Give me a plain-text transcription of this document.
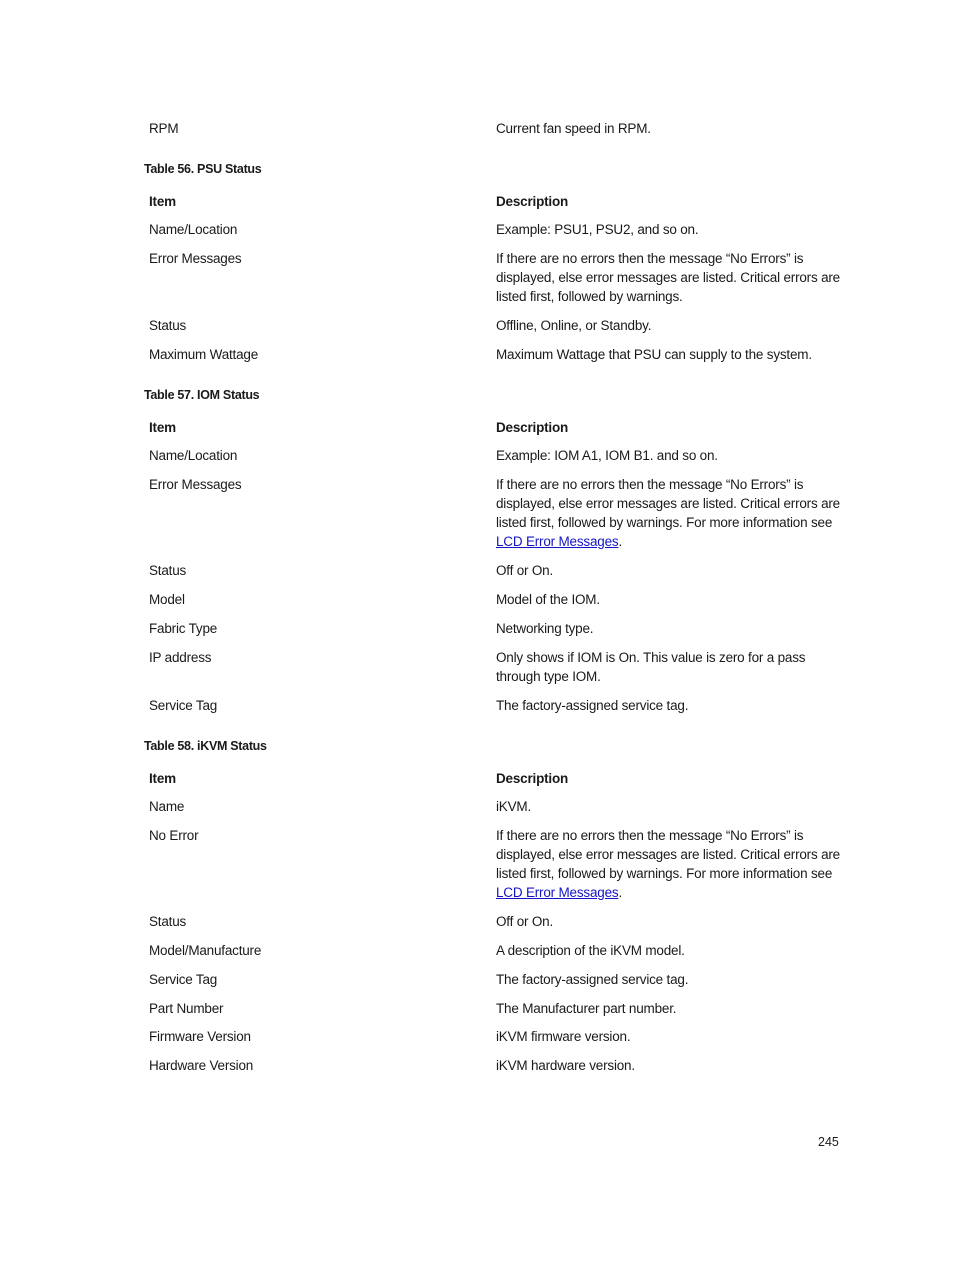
RPM	Current fan speed in RPM.
Table 56. PSU Status
Item	Description
Name/Location	Example: PSU1, PSU2, and so on.
Error Messages	If there are no errors then the message “No Errors” is displayed, else error messages are listed. Critical errors are listed first, followed by warnings.
Status	Offline, Online, or Standby.
Maximum Wattage	Maximum Wattage that PSU can supply to the system.
Table 57. IOM Status
Item	Description
Name/Location	Example: IOM A1, IOM B1. and so on.
Error Messages	If there are no errors then the message “No Errors” is displayed, else error messages are listed. Critical errors are listed first, followed by warnings. For more information see LCD Error Messages.
Status	Off or On.
Model	Model of the IOM.
Fabric Type	Networking type.
IP address	Only shows if IOM is On. This value is zero for a pass through type IOM.
Service Tag	The factory-assigned service tag.
Table 58. iKVM Status
Item	Description
Name	iKVM.
No Error	If there are no errors then the message “No Errors” is displayed, else error messages are listed. Critical errors are listed first, followed by warnings. For more information see LCD Error Messages.
Status	Off or On.
Model/Manufacture	A description of the iKVM model.
Service Tag	The factory-assigned service tag.
Part Number	The Manufacturer part number.
Firmware Version	iKVM firmware version.
Hardware Version	iKVM hardware version.
245
